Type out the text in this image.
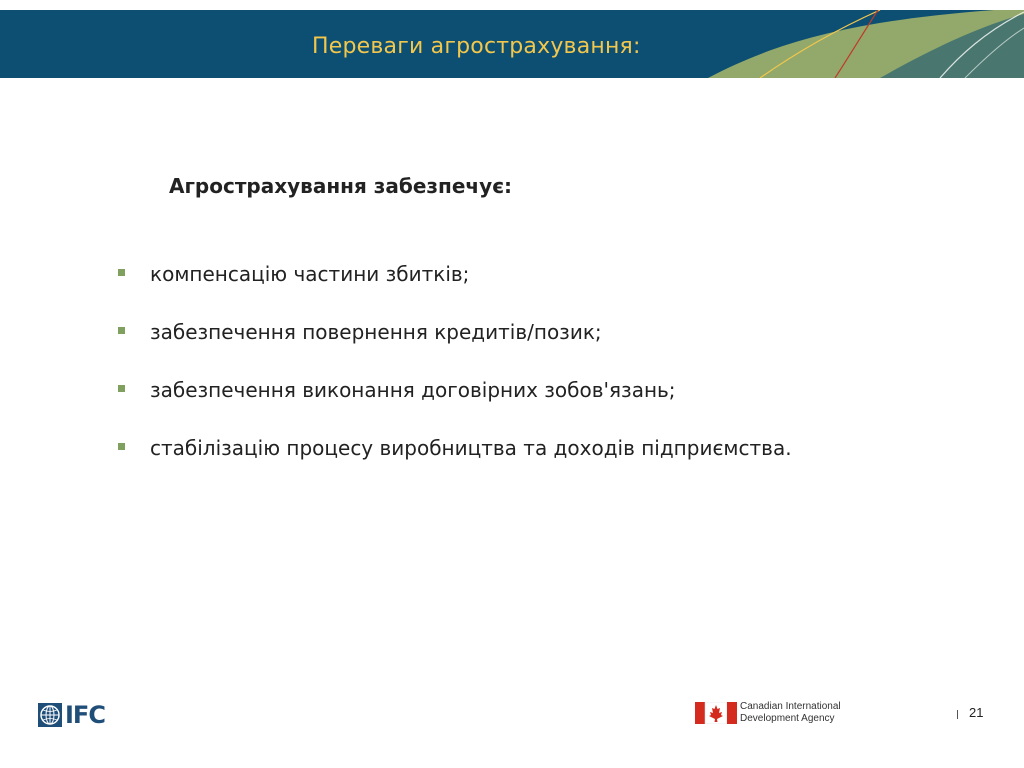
Переваги агрострахування:
Агрострахування забезпечує:
компенсацію частини збитків;
забезпечення повернення кредитів/позик;
забезпечення виконання договірних зобов'язань;
стабілізацію процесу виробництва та доходів підприємства.
IFC	Canadian International
Development Agency	21
